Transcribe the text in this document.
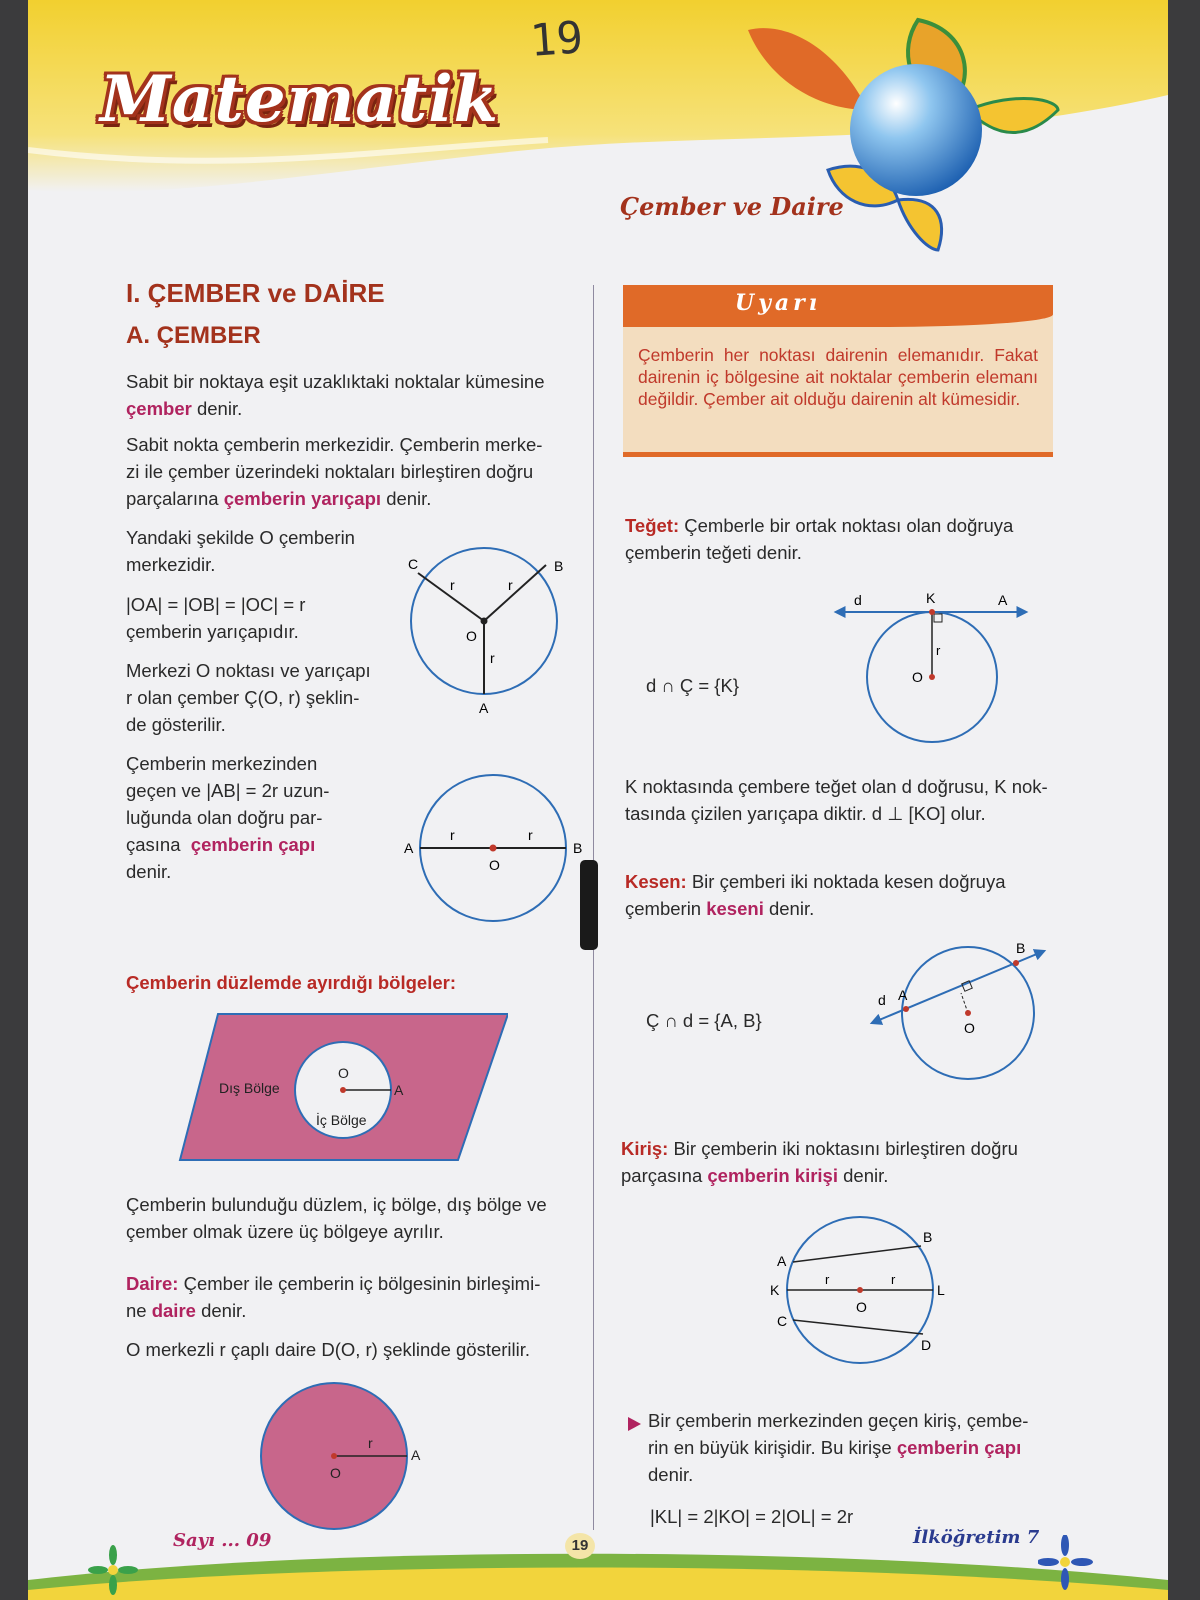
Matematik
19
Çember ve Daire
I. ÇEMBER ve DAİRE
A. ÇEMBER
Sabit bir noktaya eşit uzaklıktaki noktalar kümesine
çember denir.
Sabit nokta çemberin merkezidir. Çemberin merke-
zi ile çember üzerindeki noktaları birleştiren doğru
parçalarına çemberin yarıçapı denir.
Yandaki şekilde O çemberin
merkezidir.
|OA| = |OB| = |OC| = r
çemberin yarıçapıdır.
Merkezi O noktası ve yarıçapı
r olan çember Ç(O, r) şeklin-
de gösterilir.
Çemberin merkezinden
geçen ve |AB| = 2r uzun-
luğunda olan doğru par-
çasına çemberin çapı
denir.
C	B
A
O
r	r
r
A	B
O
r	r
Çemberin düzlemde ayırdığı bölgeler:
Dış Bölge
İç Bölge
O
A
Çemberin bulunduğu düzlem, iç bölge, dış bölge ve
çember olmak üzere üç bölgeye ayrılır.
Daire: Çember ile çemberin iç bölgesinin birleşimi-
ne daire denir.
O merkezli r çaplı daire D(O, r) şeklinde gösterilir.
O
A
r
Uyarı
Çemberin her noktası dairenin elemanıdır. Fakat dairenin iç bölgesine ait noktalar çemberin elemanı değildir. Çember ait olduğu dairenin alt kümesidir.
Teğet: Çemberle bir ortak noktası olan doğruya
çemberin teğeti denir.
d ∩ Ç = {K}
d	K	A
O
r
K noktasında çembere teğet olan d doğrusu, K nok-
tasında çizilen yarıçapa diktir. d ⊥ [KO] olur.
Kesen: Bir çemberi iki noktada kesen doğruya
çemberin keseni denir.
Ç ∩ d = {A, B}
d A
B
O
Kiriş: Bir çemberin iki noktasını birleştiren doğru
parçasına çemberin kirişi denir.
A
B
K	L
C
D
O
r	r
Bir çemberin merkezinden geçen kiriş, çembe-
rin en büyük kirişidir. Bu kirişe çemberin çapı
denir.
|KL| = 2|KO| = 2|OL| = 2r
Sayı ... 09	19	İlköğretim 7
